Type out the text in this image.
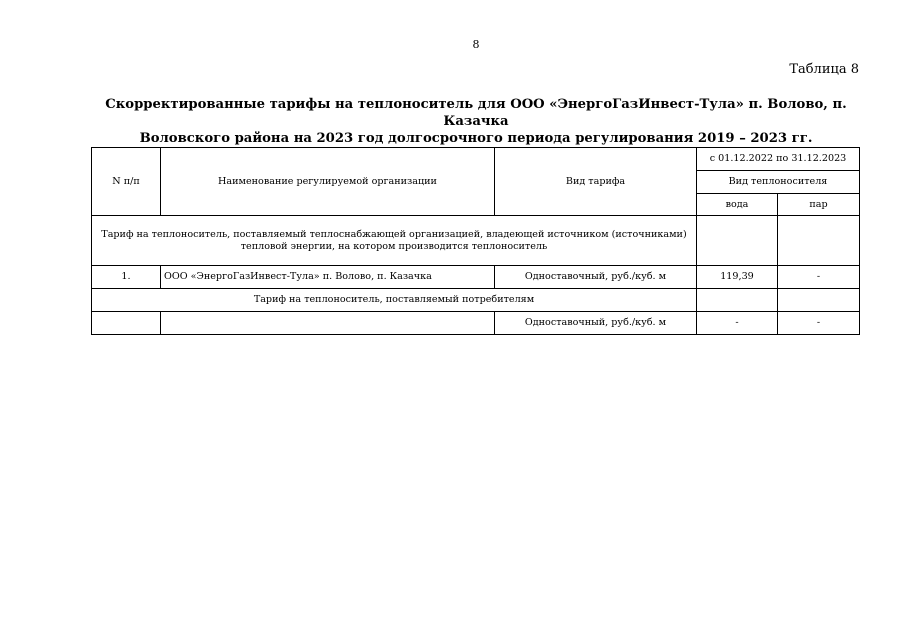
8
Таблица 8
Скорректированные тарифы на теплоноситель для ООО «ЭнергоГазИнвест-Тула» п. Волово, п. Казачка
Воловского района на 2023 год долгосрочного периода регулирования 2019 – 2023 гг.
N п/п	Наименование регулируемой организации	Вид тарифа	с 01.12.2022 по 31.12.2023	
			Вид теплоносителя	
			вода	пар
Тариф на теплоноситель, поставляемый теплоснабжающей организацией, владеющей источником (источниками) тепловой энергии, на котором производится теплоноситель				
1.	ООО «ЭнергоГазИнвест-Тула» п. Волово, п. Казачка	Одноставочный, руб./куб. м	119,39	-
Тариф на теплоноситель, поставляемый потребителям				
		Одноставочный, руб./куб. м	-	-
